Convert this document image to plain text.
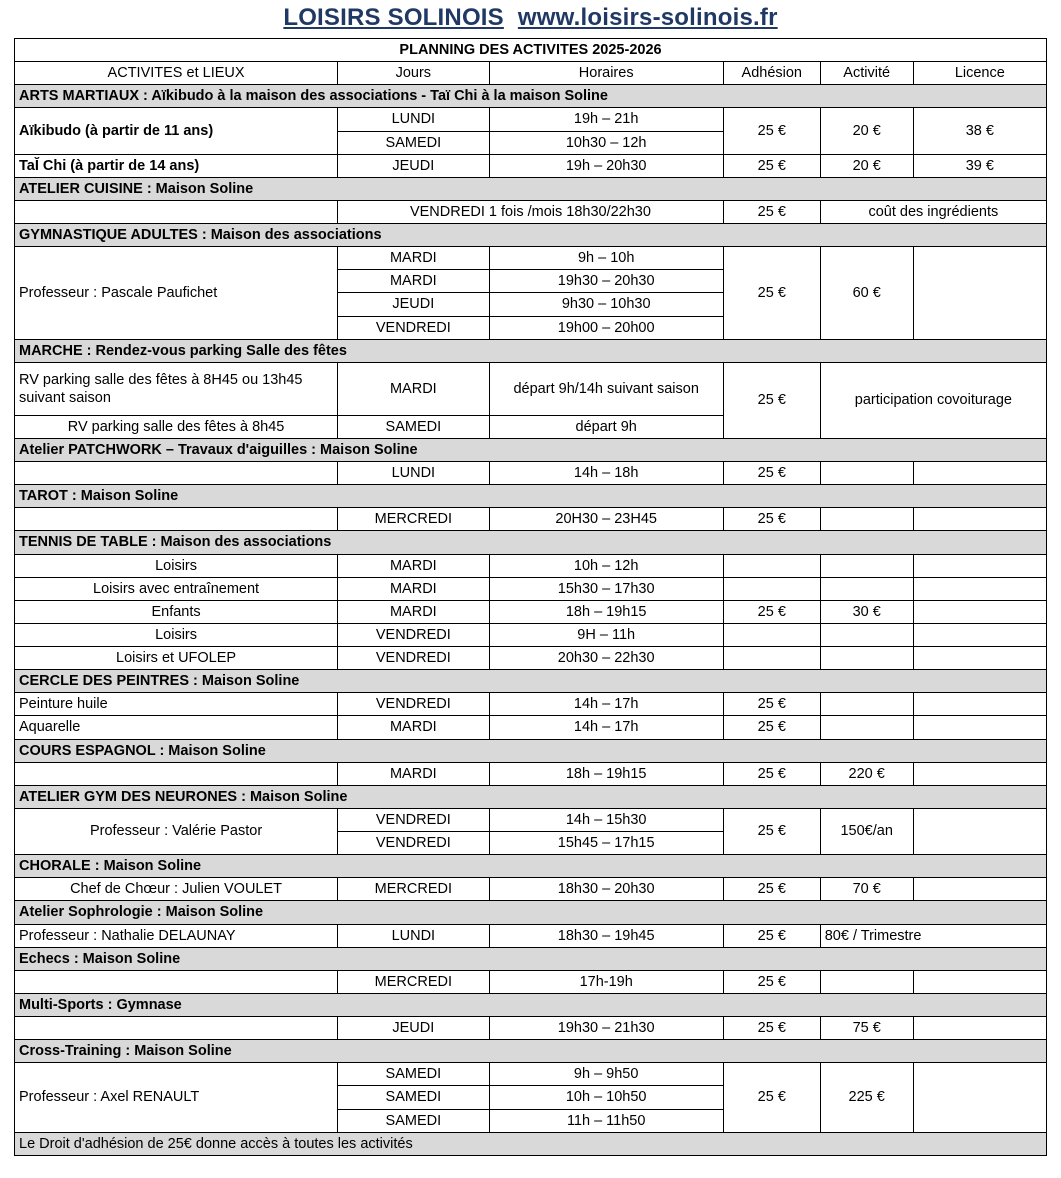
LOISIRS SOLINOIS www.loisirs-solinois.fr
PLANNING DES ACTIVITES 2025-2026					
ACTIVITES et LIEUX	Jours	Horaires	Adhésion	Activité	Licence
ARTS MARTIAUX : Aïkibudo à la maison des associations - Taï Chi à la maison Soline					
Aïkibudo (à partir de 11 ans)	LUNDI	19h – 21h	25 €	20 €	38 €
	SAMEDI	10h30 – 12h			
TaĬ Chi (à partir de 14 ans)	JEUDI	19h – 20h30	25 €	20 €	39 €
ATELIER CUISINE : Maison Soline					
	VENDREDI 1 fois /mois 18h30/22h30		25 €	coût des ingrédients	
GYMNASTIQUE ADULTES : Maison des associations					
Professeur : Pascale Paufichet	MARDI	9h – 10h	25 €	60 €	
	MARDI	19h30 – 20h30			
	JEUDI	9h30 – 10h30			
	VENDREDI	19h00 – 20h00			
MARCHE : Rendez-vous parking Salle des fêtes					
RV parking salle des fêtes à 8H45 ou 13h45 suivant saison	MARDI	départ 9h/14h suivant saison	25 €	participation covoiturage	
RV parking salle des fêtes à 8h45	SAMEDI	départ 9h			
Atelier PATCHWORK – Travaux d'aiguilles : Maison Soline					
	LUNDI	14h – 18h	25 €		
TAROT : Maison Soline					
	MERCREDI	20H30 – 23H45	25 €		
TENNIS DE TABLE : Maison des associations					
Loisirs	MARDI	10h – 12h			
Loisirs avec entraînement	MARDI	15h30 – 17h30			
Enfants	MARDI	18h – 19h15	25 €	30 €	
Loisirs	VENDREDI	9H – 11h			
Loisirs et UFOLEP	VENDREDI	20h30 – 22h30			
CERCLE DES PEINTRES : Maison Soline					
Peinture huile	VENDREDI	14h – 17h	25 €		
Aquarelle	MARDI	14h – 17h	25 €		
COURS ESPAGNOL : Maison Soline					
	MARDI	18h – 19h15	25 €	220 €	
ATELIER GYM DES NEURONES : Maison Soline					
Professeur : Valérie Pastor	VENDREDI	14h – 15h30	25 €	150€/an	
	VENDREDI	15h45 – 17h15			
CHORALE : Maison Soline					
Chef de Chœur : Julien VOULET	MERCREDI	18h30 – 20h30	25 €	70 €	
Atelier Sophrologie : Maison Soline					
Professeur : Nathalie DELAUNAY	LUNDI	18h30 – 19h45	25 €	80€ / Trimestre	
Echecs : Maison Soline					
	MERCREDI	17h-19h	25 €		
Multi-Sports : Gymnase					
	JEUDI	19h30 – 21h30	25 €	75 €	
Cross-Training : Maison Soline					
Professeur : Axel RENAULT	SAMEDI	9h – 9h50	25 €	225 €	
	SAMEDI	10h – 10h50			
	SAMEDI	11h – 11h50			
Le Droit d'adhésion de 25€ donne accès à toutes les activités					
